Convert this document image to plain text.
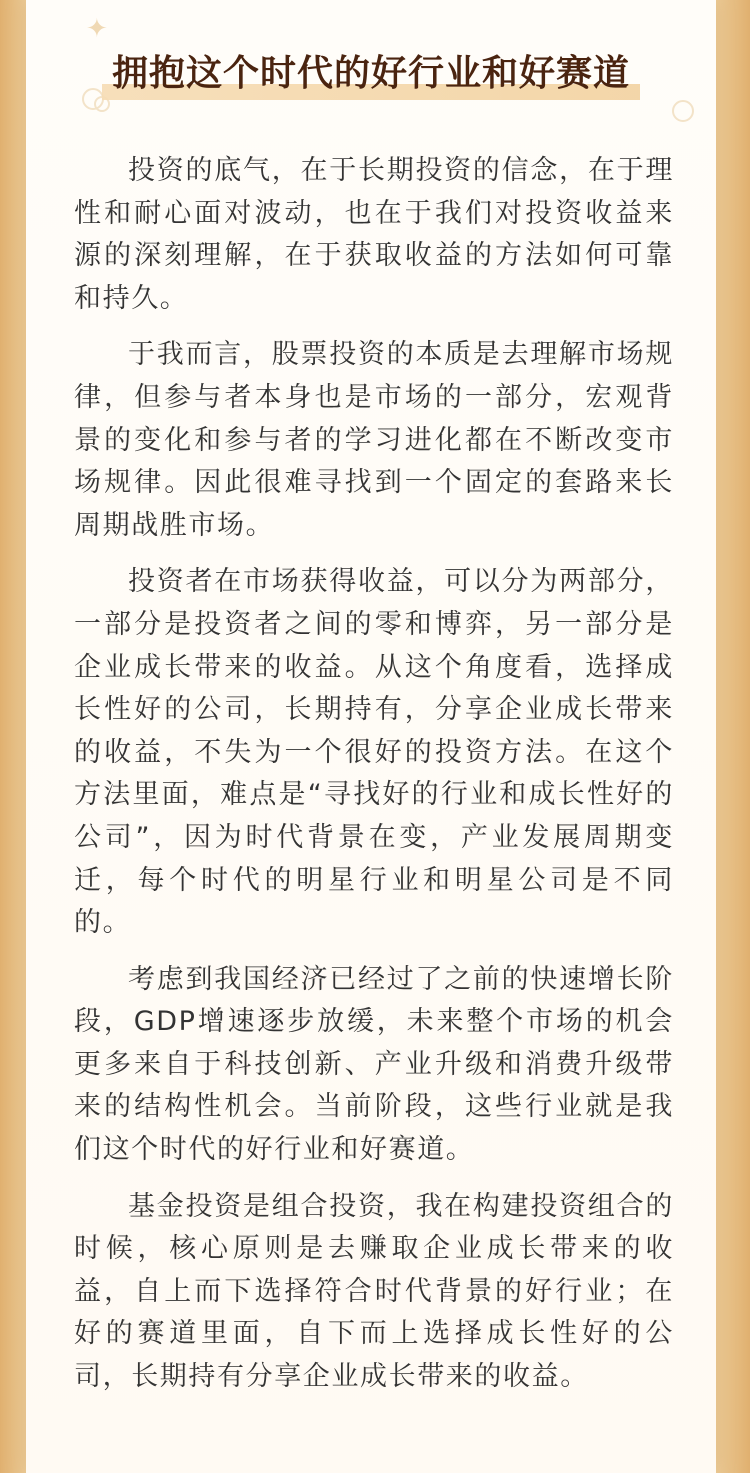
✦
拥抱这个时代的好行业和好赛道

投资的底气，在于长期投资的信念，在于理性和耐心面对波动，也在于我们对投资收益来源的深刻理解，在于获取收益的方法如何可靠和持久。

于我而言，股票投资的本质是去理解市场规律，但参与者本身也是市场的一部分，宏观背景的变化和参与者的学习进化都在不断改变市场规律。因此很难寻找到一个固定的套路来长周期战胜市场。

投资者在市场获得收益，可以分为两部分，一部分是投资者之间的零和博弈，另一部分是企业成长带来的收益。从这个角度看，选择成长性好的公司，长期持有，分享企业成长带来的收益，不失为一个很好的投资方法。在这个方法里面，难点是“寻找好的行业和成长性好的公司”，因为时代背景在变，产业发展周期变迁，每个时代的明星行业和明星公司是不同的。

考虑到我国经济已经过了之前的快速增长阶段，GDP增速逐步放缓，未来整个市场的机会更多来自于科技创新、产业升级和消费升级带来的结构性机会。当前阶段，这些行业就是我们这个时代的好行业和好赛道。

基金投资是组合投资，我在构建投资组合的时候，核心原则是去赚取企业成长带来的收益，自上而下选择符合时代背景的好行业；在好的赛道里面，自下而上选择成长性好的公司，长期持有分享企业成长带来的收益。
